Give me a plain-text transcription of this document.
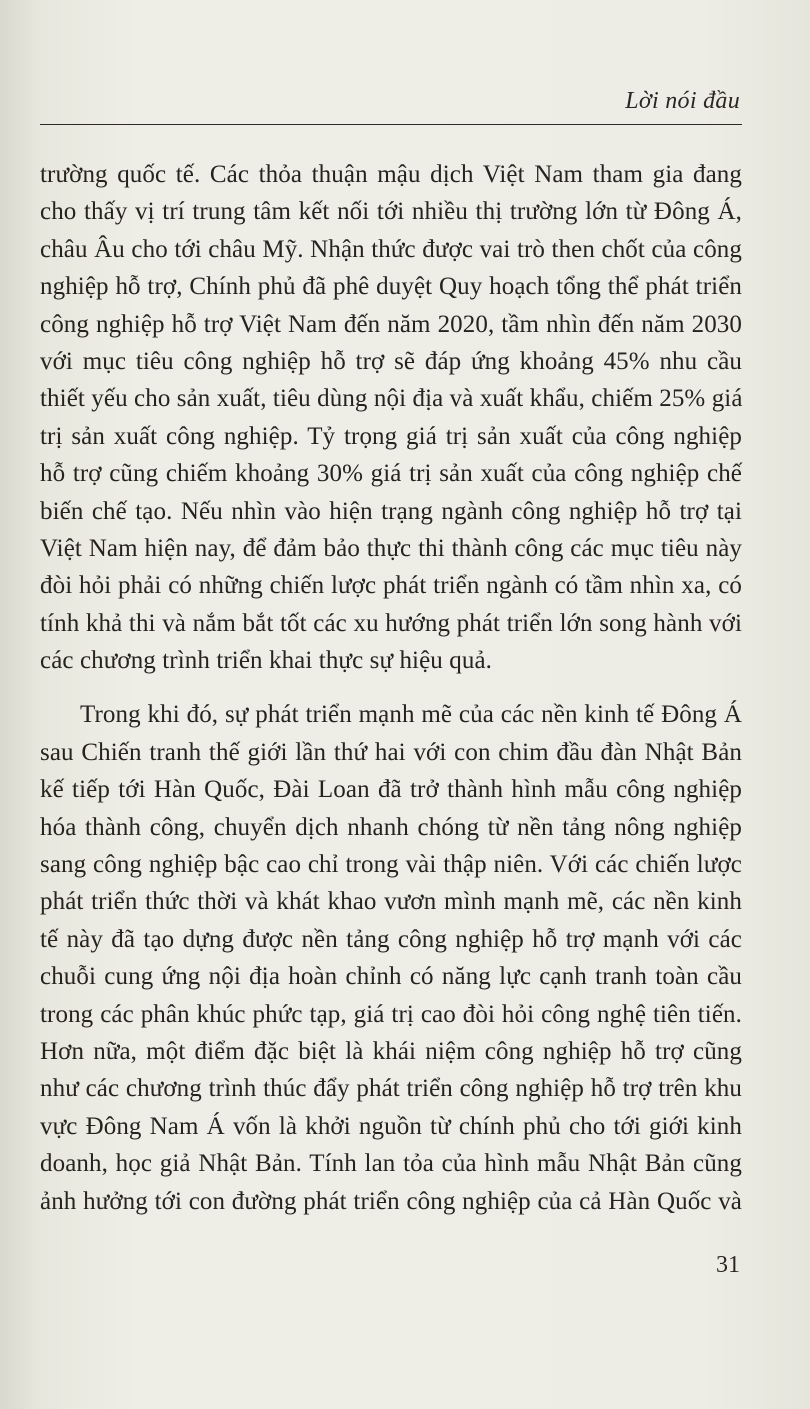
Lời nói đầu
trường quốc tế. Các thỏa thuận mậu dịch Việt Nam tham gia đang
cho thấy vị trí trung tâm kết nối tới nhiều thị trường lớn từ Đông Á,
châu Âu cho tới châu Mỹ. Nhận thức được vai trò then chốt của công
nghiệp hỗ trợ, Chính phủ đã phê duyệt Quy hoạch tổng thể phát triển
công nghiệp hỗ trợ Việt Nam đến năm 2020, tầm nhìn đến năm 2030
với mục tiêu công nghiệp hỗ trợ sẽ đáp ứng khoảng 45% nhu cầu
thiết yếu cho sản xuất, tiêu dùng nội địa và xuất khẩu, chiếm 25% giá
trị sản xuất công nghiệp. Tỷ trọng giá trị sản xuất của công nghiệp
hỗ trợ cũng chiếm khoảng 30% giá trị sản xuất của công nghiệp chế
biến chế tạo. Nếu nhìn vào hiện trạng ngành công nghiệp hỗ trợ tại
Việt Nam hiện nay, để đảm bảo thực thi thành công các mục tiêu này
đòi hỏi phải có những chiến lược phát triển ngành có tầm nhìn xa, có
tính khả thi và nắm bắt tốt các xu hướng phát triển lớn song hành với
các chương trình triển khai thực sự hiệu quả.
Trong khi đó, sự phát triển mạnh mẽ của các nền kinh tế Đông Á
sau Chiến tranh thế giới lần thứ hai với con chim đầu đàn Nhật Bản
kế tiếp tới Hàn Quốc, Đài Loan đã trở thành hình mẫu công nghiệp
hóa thành công, chuyển dịch nhanh chóng từ nền tảng nông nghiệp
sang công nghiệp bậc cao chỉ trong vài thập niên. Với các chiến lược
phát triển thức thời và khát khao vươn mình mạnh mẽ, các nền kinh
tế này đã tạo dựng được nền tảng công nghiệp hỗ trợ mạnh với các
chuỗi cung ứng nội địa hoàn chỉnh có năng lực cạnh tranh toàn cầu
trong các phân khúc phức tạp, giá trị cao đòi hỏi công nghệ tiên tiến.
Hơn nữa, một điểm đặc biệt là khái niệm công nghiệp hỗ trợ cũng
như các chương trình thúc đẩy phát triển công nghiệp hỗ trợ trên khu
vực Đông Nam Á vốn là khởi nguồn từ chính phủ cho tới giới kinh
doanh, học giả Nhật Bản. Tính lan tỏa của hình mẫu Nhật Bản cũng
ảnh hưởng tới con đường phát triển công nghiệp của cả Hàn Quốc và
31
